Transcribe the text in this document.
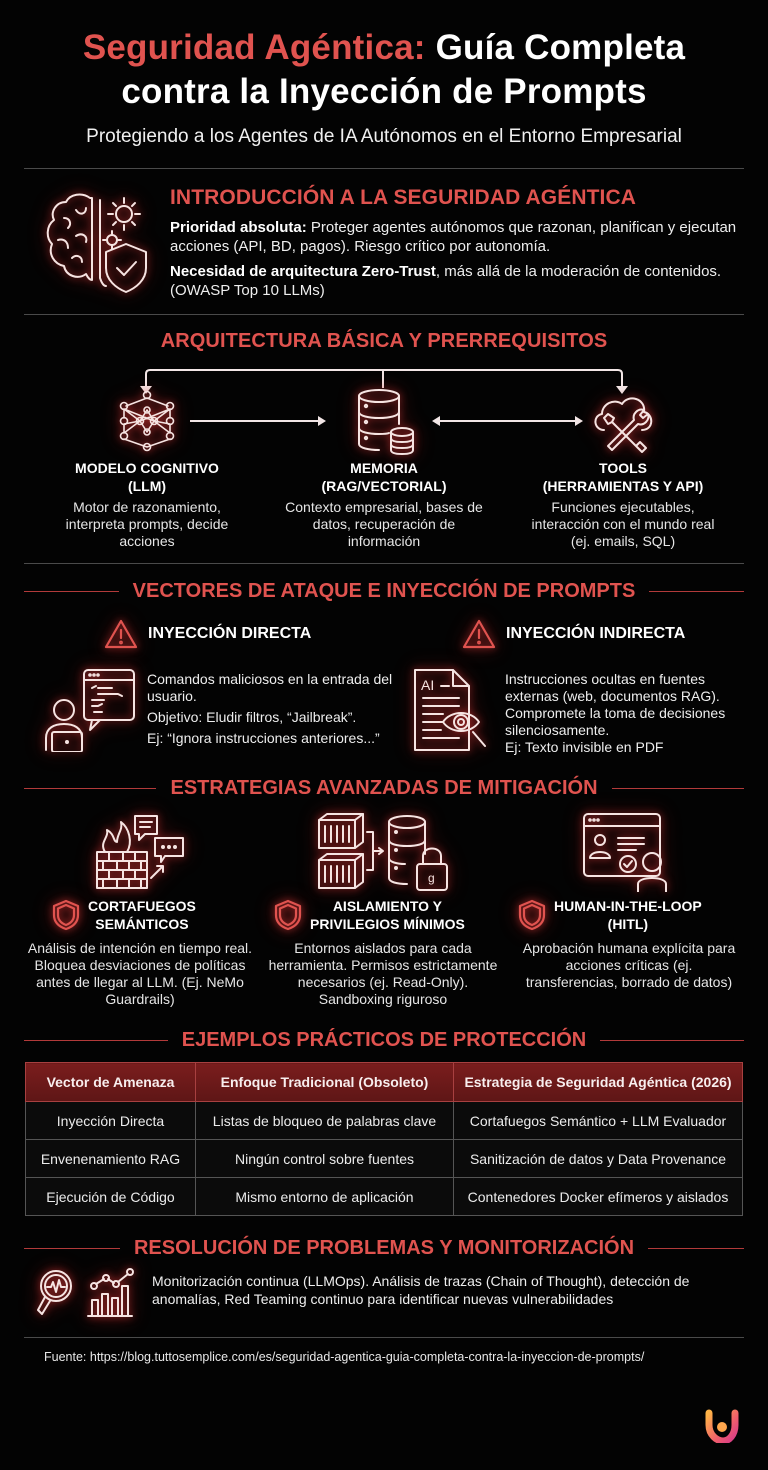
Seguridad Agéntica: Guía Completa
contra la Inyección de Prompts
Protegiendo a los Agentes de IA Autónomos en el Entorno Empresarial
INTRODUCCIÓN A LA SEGURIDAD AGÉNTICA
Prioridad absoluta: Proteger agentes autónomos que razonan, planifican y ejecutan acciones (API, BD, pagos). Riesgo crítico por autonomía.
Necesidad de arquitectura Zero-Trust, más allá de la moderación de contenidos. (OWASP Top 10 LLMs)
ARQUITECTURA BÁSICA Y PRERREQUISITOS
MODELO COGNITIVO
(LLM)
Motor de razonamiento, interpreta prompts, decide acciones
MEMORIA
(RAG/VECTORIAL)
Contexto empresarial, bases de datos, recuperación de información
TOOLS
(HERRAMIENTAS Y API)
Funciones ejecutables, interacción con el mundo real (ej. emails, SQL)
VECTORES DE ATAQUE E INYECCIÓN DE PROMPTS
INYECCIÓN DIRECTA

Comandos maliciosos en la entrada del usuario.

Objetivo: Eludir filtros, “Jailbreak”.

Ej: “Ignora instrucciones anteriores...”

INYECCIÓN INDIRECTA
AI	Instrucciones ocultas en fuentes externas (web, documentos RAG). Compromete la toma de decisiones silenciosamente.

Ej: Texto invisible en PDF

ESTRATEGIAS AVANZADAS DE MITIGACIÓN
g
CORTAFUEGOS
SEMÁNTICOS
Análisis de intención en tiempo real. Bloquea desviaciones de políticas antes de llegar al LLM. (Ej. NeMo Guardrails)
AISLAMIENTO Y
PRIVILEGIOS MÍNIMOS
Entornos aislados para cada herramienta. Permisos estrictamente necesarios (ej. Read-Only). Sandboxing riguroso
HUMAN-IN-THE-LOOP
(HITL)
Aprobación humana explícita para acciones críticas (ej. transferencias, borrado de datos)
EJEMPLOS PRÁCTICOS DE PROTECCIÓN
Vector de Amenaza	Enfoque Tradicional (Obsoleto)	Estrategia de Seguridad Agéntica (2026)
Inyección Directa	Listas de bloqueo de palabras clave	Cortafuegos Semántico + LLM Evaluador
Envenenamiento RAG	Ningún control sobre fuentes	Sanitización de datos y Data Provenance
Ejecución de Código	Mismo entorno de aplicación	Contenedores Docker efímeros y aislados
RESOLUCIÓN DE PROBLEMAS Y MONITORIZACIÓN
Monitorización continua (LLMOps). Análisis de trazas (Chain of Thought), detección de anomalías, Red Teaming continuo para identificar nuevas vulnerabilidades
Fuente: https://blog.tuttosemplice.com/es/seguridad-agentica-guia-completa-contra-la-inyeccion-de-prompts/
